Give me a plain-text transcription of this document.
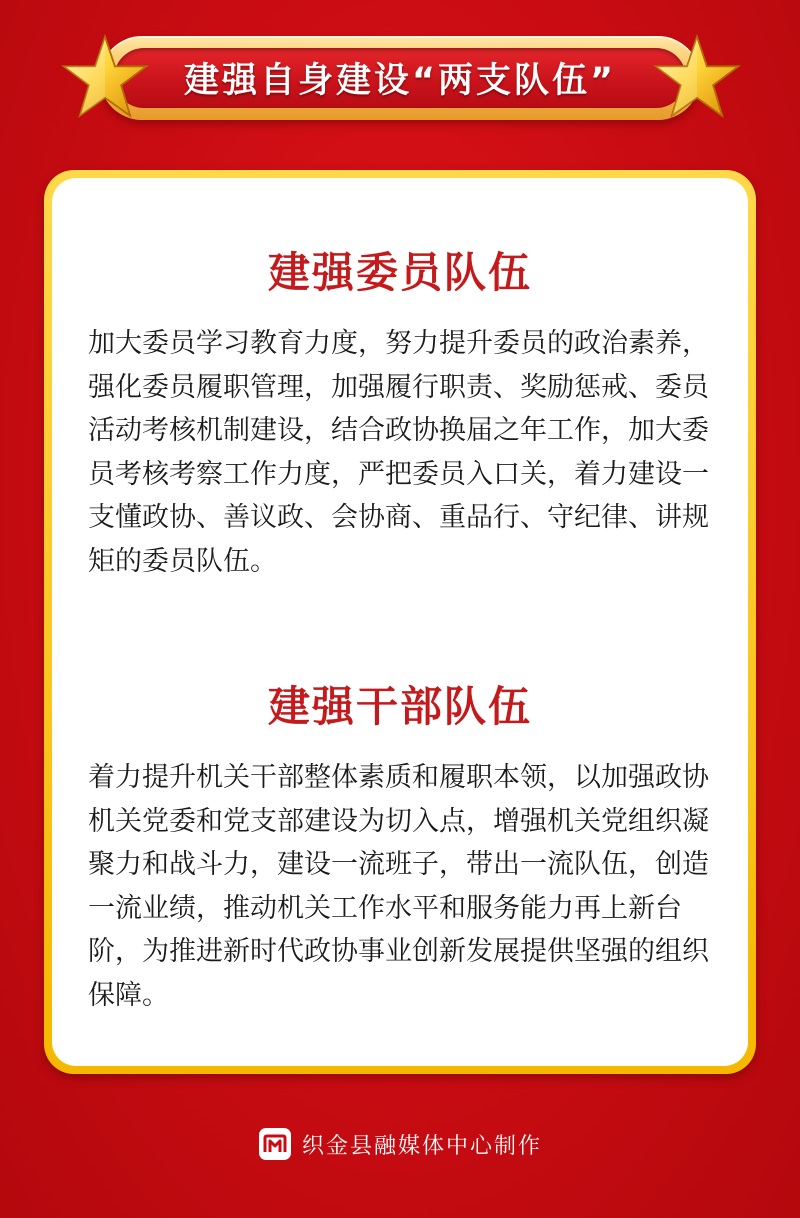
建强自身建设“两支队伍”
建强委员队伍

加大委员学习教育力度，努力提升委员的政治素养，强化委员履职管理，加强履行职责、奖励惩戒、委员活动考核机制建设，结合政协换届之年工作，加大委员考核考察工作力度，严把委员入口关，着力建设一支懂政协、善议政、会协商、重品行、守纪律、讲规矩的委员队伍。

建强干部队伍

着力提升机关干部整体素质和履职本领，以加强政协机关党委和党支部建设为切入点，增强机关党组织凝聚力和战斗力，建设一流班子，带出一流队伍，创造一流业绩，推动机关工作水平和服务能力再上新台阶，为推进新时代政协事业创新发展提供坚强的组织保障。

织金县融媒体中心制作
